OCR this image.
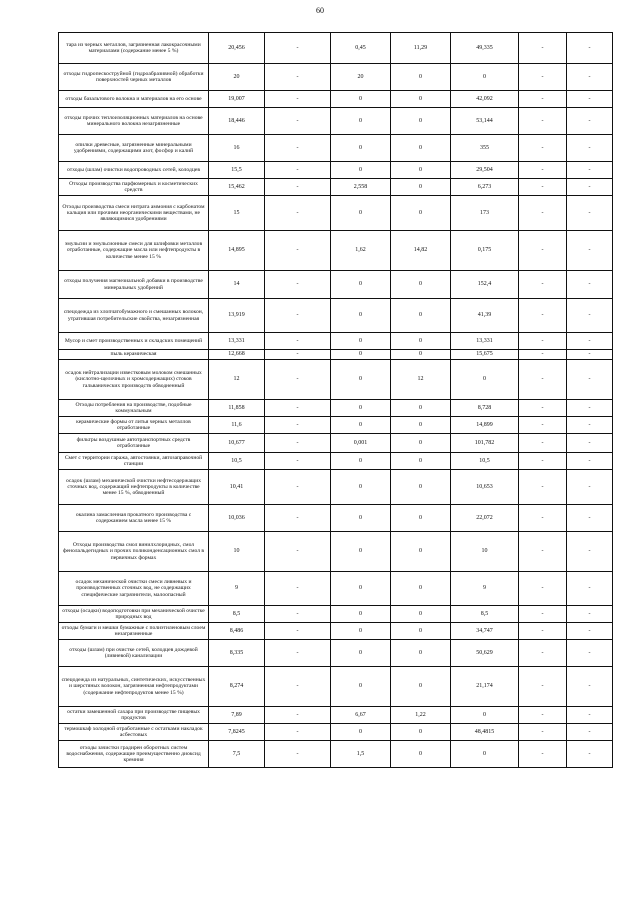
60
тара из черных металлов, загрязненная лакокрасочными материалами (содержание менее 5 %)	20,456	-	0,45	11,29	49,335	-	-
отходы гидропескоструйной (гидроабразивной) обработки поверхностей черных металлов	20	-	20	0	0	-	-
отходы базальтового волокна и материалов на его основе	19,007	-	0	0	42,092	-	-
отходы прочих теплоизоляционных материалов на основе минерального волокна незагрязненные	18,446	-	0	0	53,144	-	-
опилки древесные, загрязненные минеральными удобрениями, содержащими азот, фосфор и калий	16	-	0	0	355	-	-
отходы (шлам) очистки водопроводных сетей, колодцев	15,5	-	0	0	29,504	-	-
Отходы производства парфюмерных и косметических средств	15,462	-	2,558	0	6,273	-	-
Отходы производства смеси нитрата аммония с карбонатом кальция или прочими неорганическими веществами, не являющимися удобрениями	15	-	0	0	173	-	-
эмульсии и эмульсионные смеси для шлифовки металлов отработанные, содержащие масла или нефтепродукты в количестве менее 15 %	14,895	-	1,62	14,82	0,175	-	-
отходы получения магнезиальной добавки в производстве минеральных удобрений	14	-	0	0	152,4	-	-
спецодежда из хлопчатобумажного и смешанных волокон, утратившая потребительские свойства, незагрязненная	13,919	-	0	0	41,39	-	-
Мусор и смет производственных и складских помещений	13,331	-	0	0	13,331	-	-
пыль керамическая	12,668	-	0	0	15,675	-	-
осадок нейтрализации известковым молоком смешанных (кислотно-щелочных и хромсодержащих) стоков гальванических производств обводненный	12	-	0	12	0	-	-
Отходы потребления на производстве, подобные коммунальным	11,858	-	0	0	8,728	-	-
керамические формы от литья черных металлов отработанные	11,6	-	0	0	14,899	-	-
фильтры воздушные автотранспортных средств отработанные	10,677	-	0,001	0	101,782	-	-
Смет с территории гаража, автостоянки, автозаправочной станции	10,5	-	0	0	10,5	-	-
осадок (шлам) механической очистки нефтесодержащих сточных вод, содержащий нефтепродукты в количестве менее 15 %, обводненный	10,41	-	0	0	10,653	-	-
окалина замасленная прокатного производства с содержанием масла менее 15 %	10,036	-	0	0	22,072	-	-
Отходы производства смол винилхлоридных, смол фенолальдегидных и прочих поликонденсационных смол в первичных формах	10	-	0	0	10	-	-
осадок механической очистки смеси ливневых и производственных сточных вод, не содержащих специфические загрязнители, малоопасный	9	-	0	0	9	-	-
отходы (осадки) водоподготовки при механической очистке природных вод	8,5	-	0	0	8,5	-	-
отходы бумаги и мешки бумажные с полиэтиленовым слоем незагрязненные	8,486	-	0	0	34,747	-	-
отходы (шлам) при очистке сетей, колодцев дождевой (ливневой) канализации	8,335	-	0	0	50,629	-	-
спецодежда из натуральных, синтетических, искусственных и шерстяных волокон, загрязненная нефтепродуктами (содержание нефтепродуктов менее 15 %)	8,274	-	0	0	21,174	-	-
остатки замешенной сахара при производстве пищевых продуктов	7,89	-	6,67	1,22	0	-	-
термошкаф холодной отработанные с остатками накладок асбестовых	7,8245	-	0	0	48,4815	-	-
отходы зачистки градирен оборотных систем водоснабжения, содержащие преимущественно диоксид кремния	7,5	-	1,5	0	0	-	-
